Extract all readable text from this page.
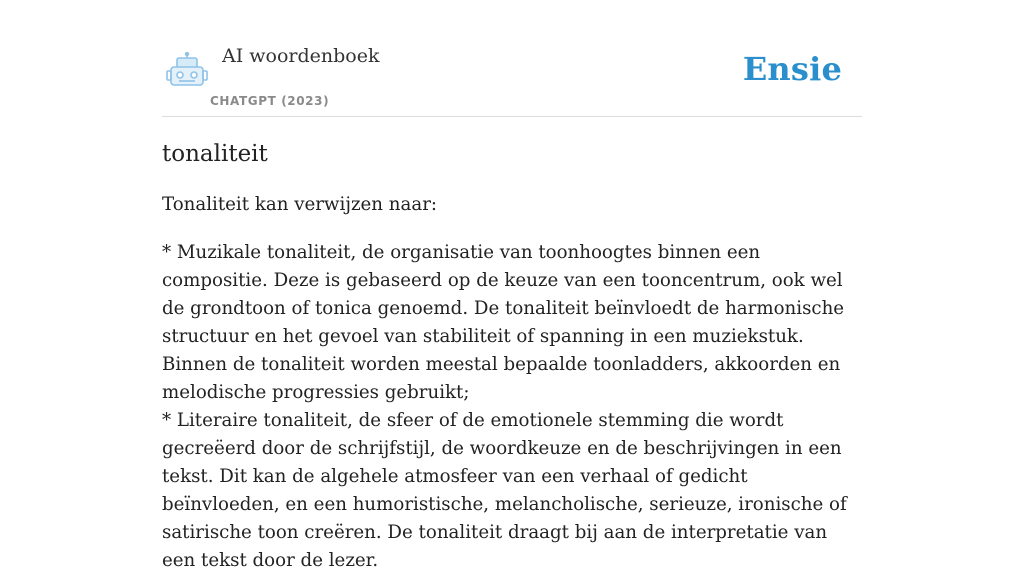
AI woordenboek
CHATGPT (2023)
Ensie
tonaliteit

Tonaliteit kan verwijzen naar:

* Muzikale tonaliteit, de organisatie van toonhoogtes binnen een compositie. Deze is gebaseerd op de keuze van een tooncentrum, ook wel de grondtoon of tonica genoemd. De tonaliteit beïnvloedt de harmonische structuur en het gevoel van stabiliteit of spanning in een muziekstuk. Binnen de tonaliteit worden meestal bepaalde toonladders, akkoorden en melodische progressies gebruikt;
* Literaire tonaliteit, de sfeer of de emotionele stemming die wordt gecreëerd door de schrijfstijl, de woordkeuze en de beschrijvingen in een tekst. Dit kan de algehele atmosfeer van een verhaal of gedicht beïnvloeden, en een humoristische, melancholische, serieuze, ironische of satirische toon creëren. De tonaliteit draagt bij aan de interpretatie van een tekst door de lezer.
